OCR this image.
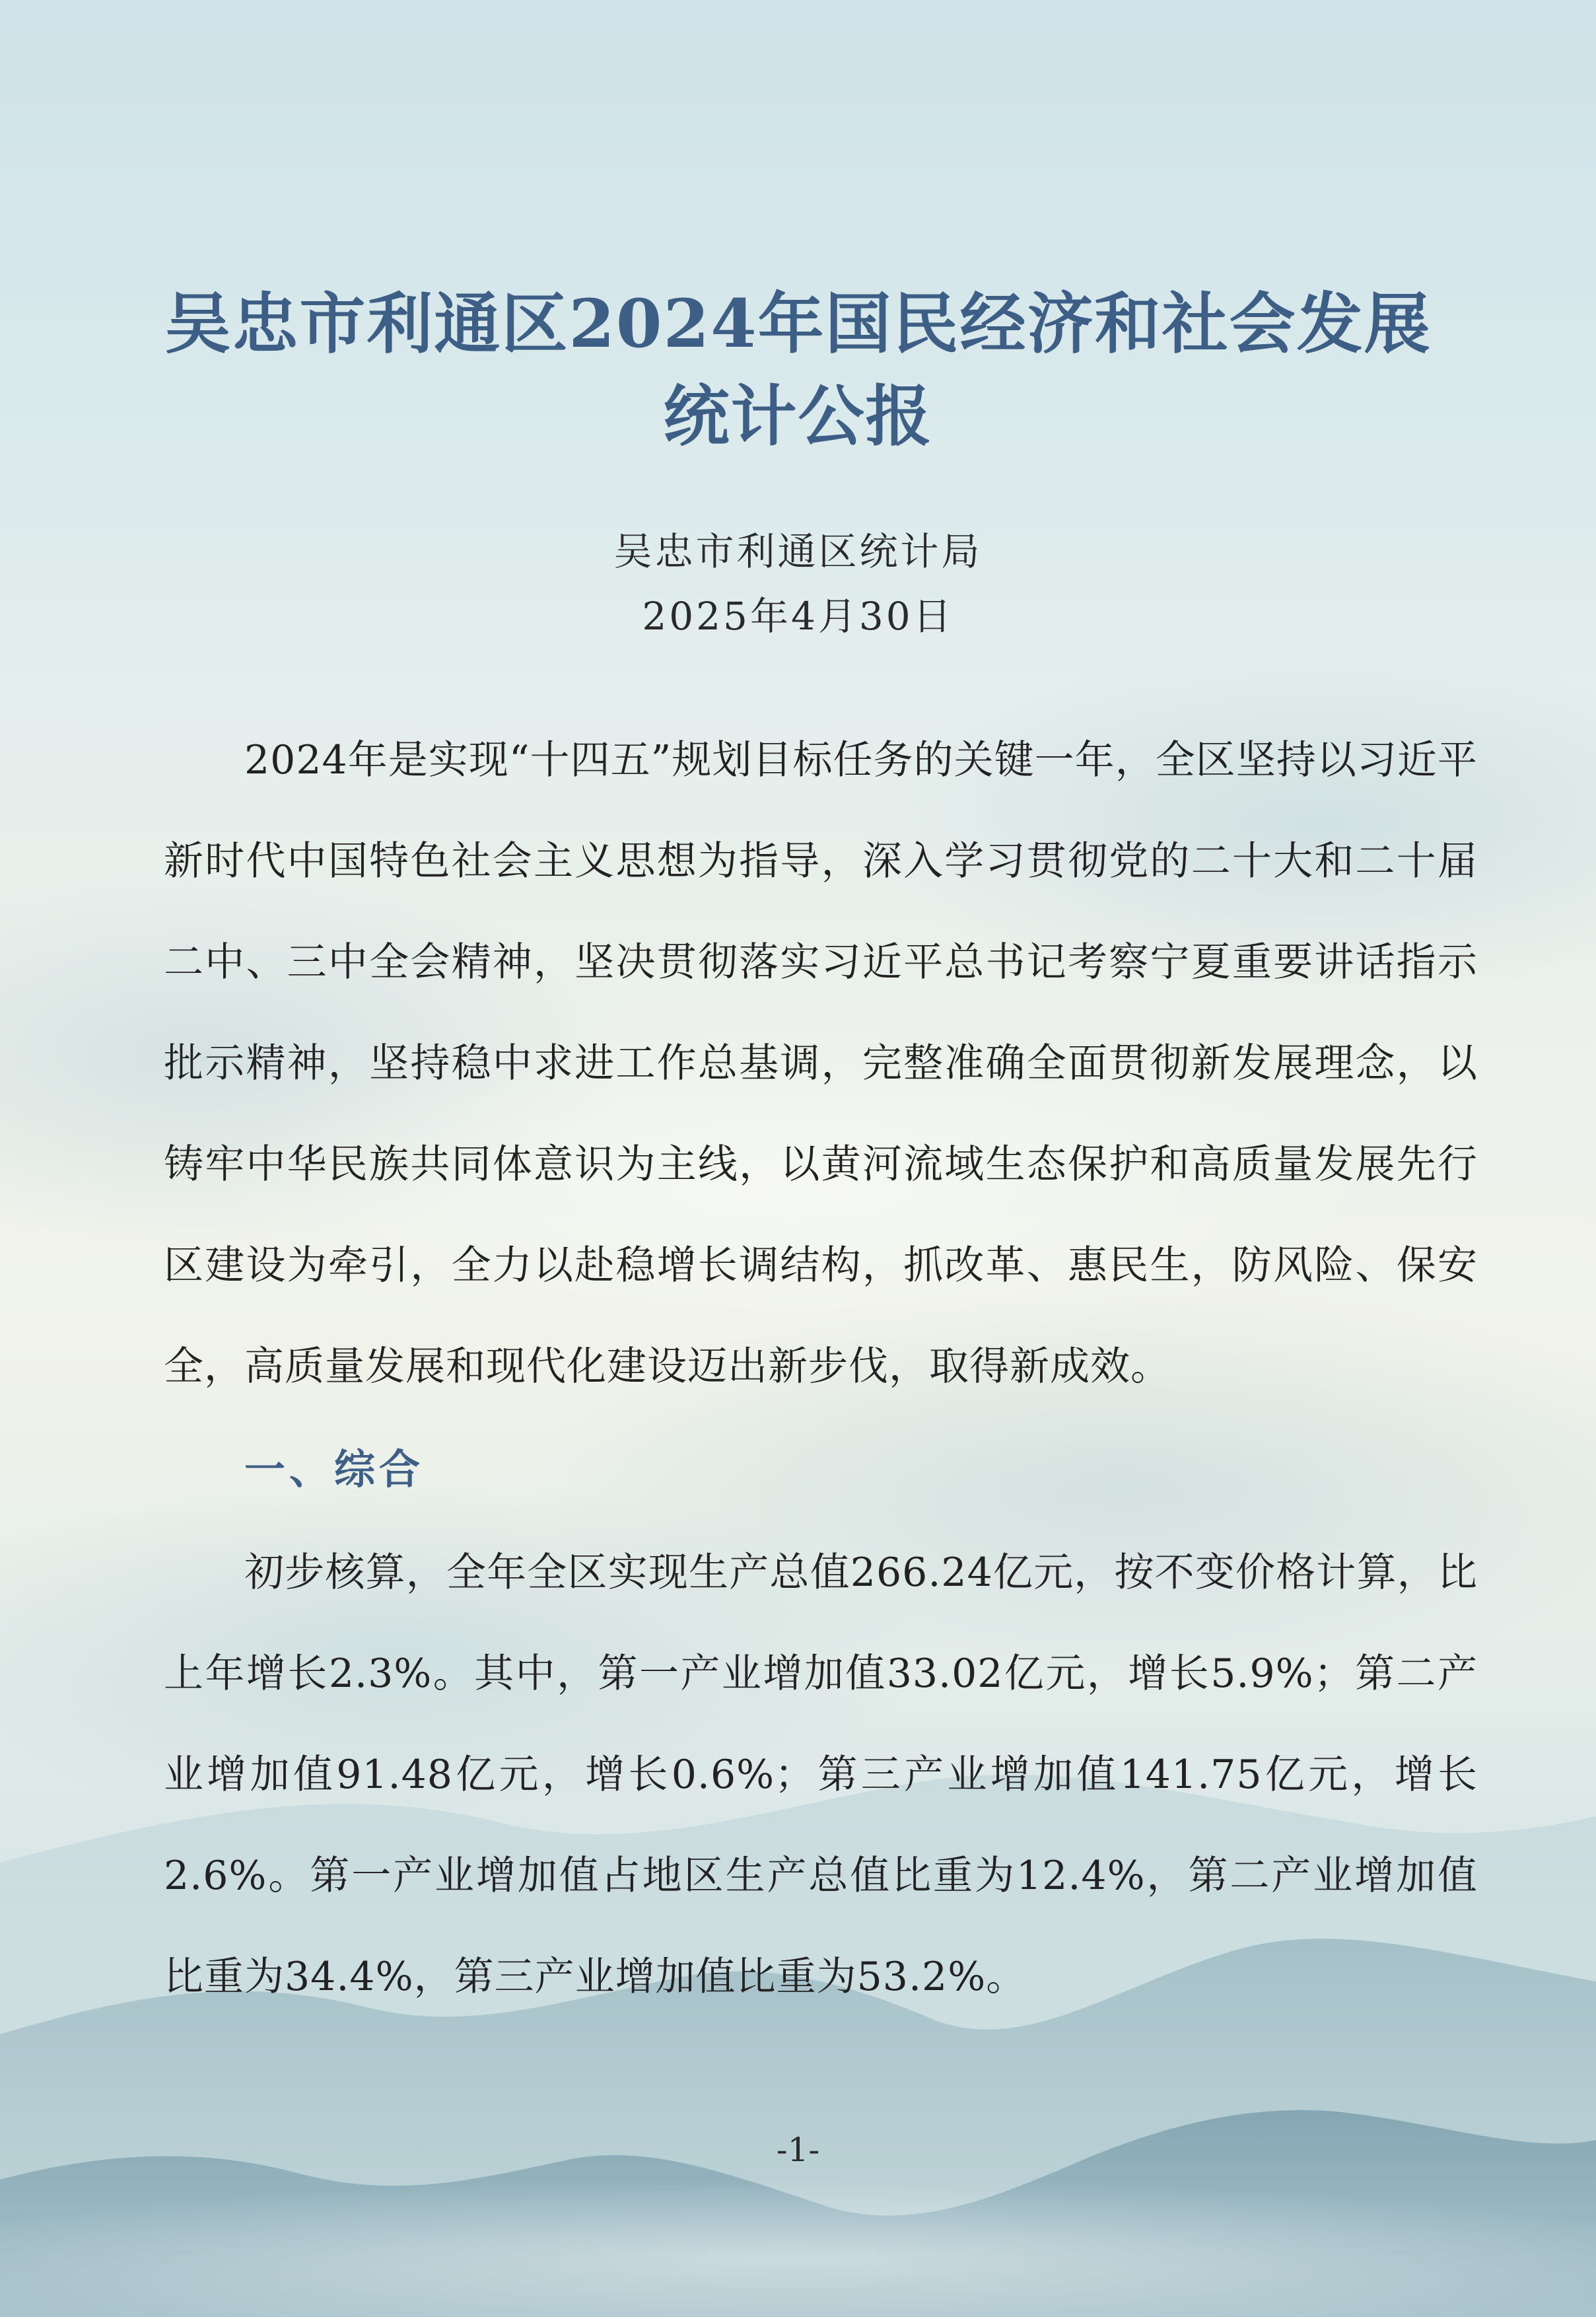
吴忠市利通区2024年国民经济和社会发展
统计公报
吴忠市利通区统计局
2025年4月30日
2024年是实现“十四五”规划目标任务的关键一年，全区坚持以习近平新时代中国特色社会主义思想为指导，深入学习贯彻党的二十大和二十届二中、三中全会精神，坚决贯彻落实习近平总书记考察宁夏重要讲话指示批示精神，坚持稳中求进工作总基调，完整准确全面贯彻新发展理念，以铸牢中华民族共同体意识为主线，以黄河流域生态保护和高质量发展先行区建设为牵引，全力以赴稳增长调结构，抓改革、惠民生，防风险、保安全，高质量发展和现代化建设迈出新步伐，取得新成效。
一、综合
初步核算，全年全区实现生产总值266.24亿元，按不变价格计算，比上年增长2.3%。其中，第一产业增加值33.02亿元，增长5.9%；第二产业增加值91.48亿元，增长0.6%；第三产业增加值141.75亿元，增长2.6%。第一产业增加值占地区生产总值比重为12.4%，第二产业增加值比重为34.4%，第三产业增加值比重为53.2%。
-1-
